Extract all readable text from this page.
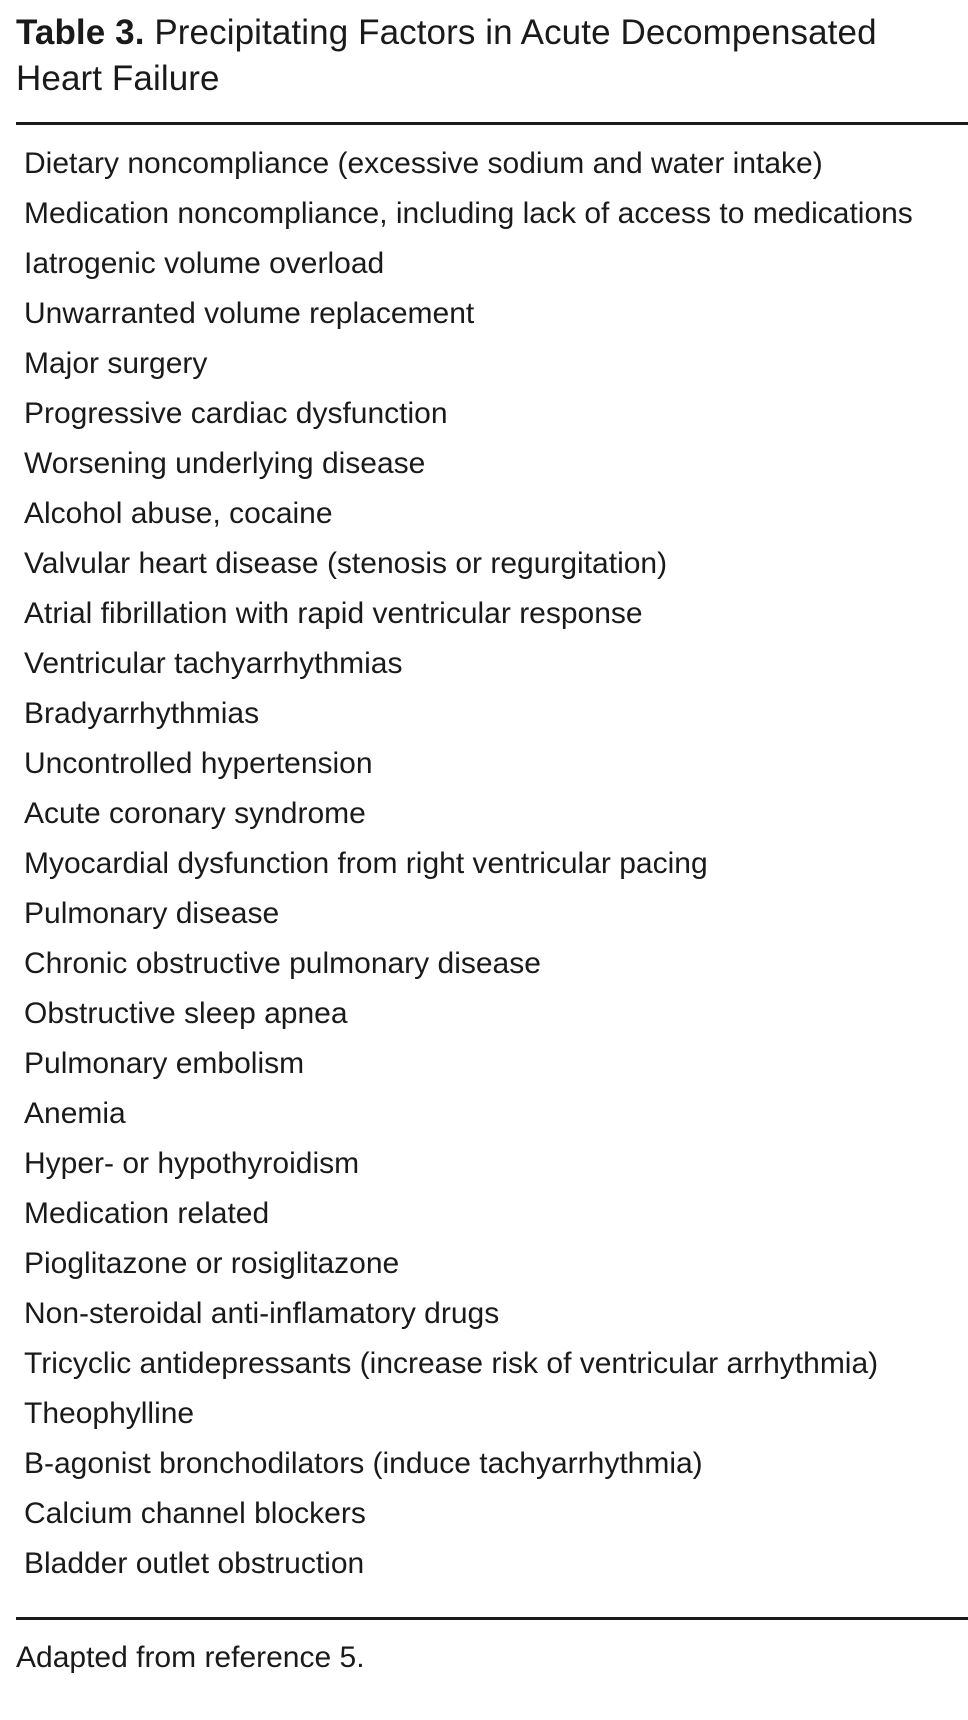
Table 3. Precipitating Factors in Acute Decompensated Heart Failure

Dietary noncompliance (excessive sodium and water intake)
Medication noncompliance, including lack of access to medications
Iatrogenic volume overload
Unwarranted volume replacement
Major surgery
Progressive cardiac dysfunction
Worsening underlying disease
Alcohol abuse, cocaine
Valvular heart disease (stenosis or regurgitation)
Atrial fibrillation with rapid ventricular response
Ventricular tachyarrhythmias
Bradyarrhythmias
Uncontrolled hypertension
Acute coronary syndrome
Myocardial dysfunction from right ventricular pacing
Pulmonary disease
Chronic obstructive pulmonary disease
Obstructive sleep apnea
Pulmonary embolism
Anemia
Hyper- or hypothyroidism
Medication related
Pioglitazone or rosiglitazone
Non-steroidal anti-inflamatory drugs
Tricyclic antidepressants (increase risk of ventricular arrhythmia)
Theophylline
B-agonist bronchodilators (induce tachyarrhythmia)
Calcium channel blockers
Bladder outlet obstruction

Adapted from reference 5.
